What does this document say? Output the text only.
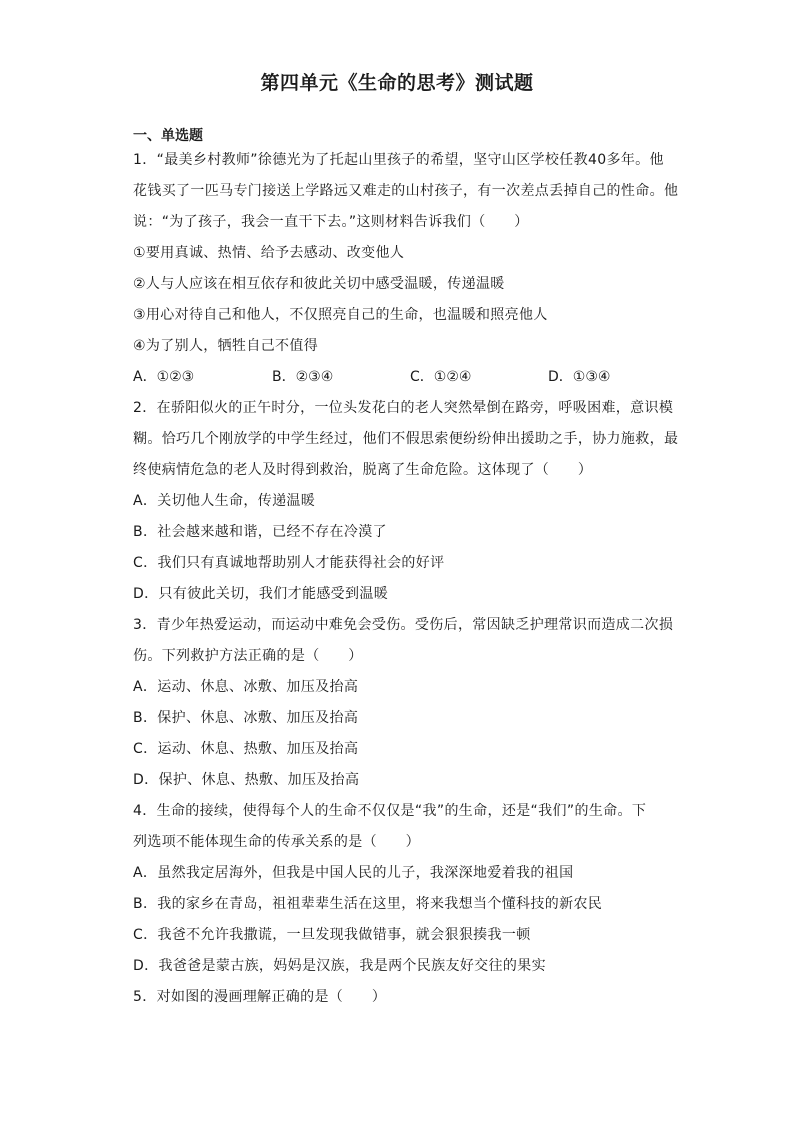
第四单元《生命的思考》测试题
一、单选题
1．“最美乡村教师”徐德光为了托起山里孩子的希望，坚守山区学校任教40多年。他
花钱买了一匹马专门接送上学路远又难走的山村孩子，有一次差点丢掉自己的性命。他
说：“为了孩子，我会一直干下去。”这则材料告诉我们（　　）
①要用真诚、热情、给予去感动、改变他人
②人与人应该在相互依存和彼此关切中感受温暖，传递温暖
③用心对待自己和他人，不仅照亮自己的生命，也温暖和照亮他人
④为了别人，牺牲自己不值得
A．①②③	B．②③④	C．①②④	D．①③④
2．在骄阳似火的正午时分，一位头发花白的老人突然晕倒在路旁，呼吸困难，意识模
糊。恰巧几个刚放学的中学生经过，他们不假思索便纷纷伸出援助之手，协力施救，最
终使病情危急的老人及时得到救治，脱离了生命危险。这体现了（　　）
A．关切他人生命，传递温暖
B．社会越来越和谐，已经不存在冷漠了
C．我们只有真诚地帮助别人才能获得社会的好评
D．只有彼此关切，我们才能感受到温暖
3．青少年热爱运动，而运动中难免会受伤。受伤后，常因缺乏护理常识而造成二次损
伤。下列救护方法正确的是（　　）
A．运动、休息、冰敷、加压及抬高
B．保护、休息、冰敷、加压及抬高
C．运动、休息、热敷、加压及抬高
D．保护、休息、热敷、加压及抬高
4．生命的接续，使得每个人的生命不仅仅是“我”的生命，还是“我们”的生命。下
列选项不能体现生命的传承关系的是（　　）
A．虽然我定居海外，但我是中国人民的儿子，我深深地爱着我的祖国
B．我的家乡在青岛，祖祖辈辈生活在这里，将来我想当个懂科技的新农民
C．我爸不允许我撒谎，一旦发现我做错事，就会狠狠揍我一顿
D．我爸爸是蒙古族，妈妈是汉族，我是两个民族友好交往的果实
5．对如图的漫画理解正确的是（　　）
